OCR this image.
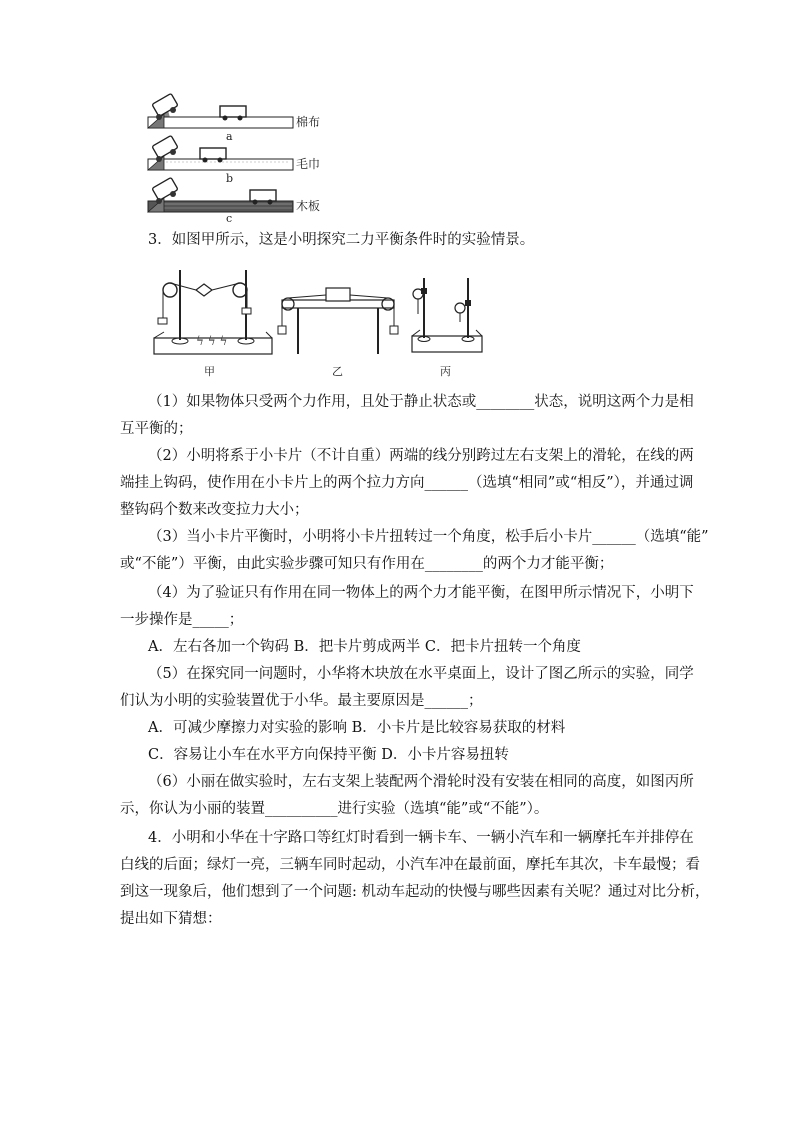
a
棉布
b
毛巾
c
木板
3．如图甲所示，这是小明探究二力平衡条件时的实验情景。
ϟ ϟ ϟ
甲	乙	丙
（1）如果物体只受两个力作用，且处于静止状态或________状态，说明这两个力是相
互平衡的；
（2）小明将系于小卡片（不计自重）两端的线分别跨过左右支架上的滑轮，在线的两
端挂上钩码，使作用在小卡片上的两个拉力方向______（选填“相同”或“相反”），并通过调
整钩码个数来改变拉力大小；
（3）当小卡片平衡时，小明将小卡片扭转过一个角度，松手后小卡片______（选填“能”
或“不能”）平衡，由此实验步骤可知只有作用在________的两个力才能平衡；
（4）为了验证只有作用在同一物体上的两个力才能平衡，在图甲所示情况下，小明下
一步操作是_____；
A．左右各加一个钩码 B．把卡片剪成两半 C．把卡片扭转一个角度
（5）在探究同一问题时，小华将木块放在水平桌面上，设计了图乙所示的实验，同学
们认为小明的实验装置优于小华。最主要原因是______；
A．可减少摩擦力对实验的影响 B．小卡片是比较容易获取的材料
C．容易让小车在水平方向保持平衡 D．小卡片容易扭转
（6）小丽在做实验时，左右支架上装配两个滑轮时没有安装在相同的高度，如图丙所
示，你认为小丽的装置__________进行实验（选填“能”或“不能”）。
4．小明和小华在十字路口等红灯时看到一辆卡车、一辆小汽车和一辆摩托车并排停在
白线的后面；绿灯一亮，三辆车同时起动，小汽车冲在最前面，摩托车其次，卡车最慢；看
到这一现象后，他们想到了一个问题: 机动车起动的快慢与哪些因素有关呢？通过对比分析，
提出如下猜想：
